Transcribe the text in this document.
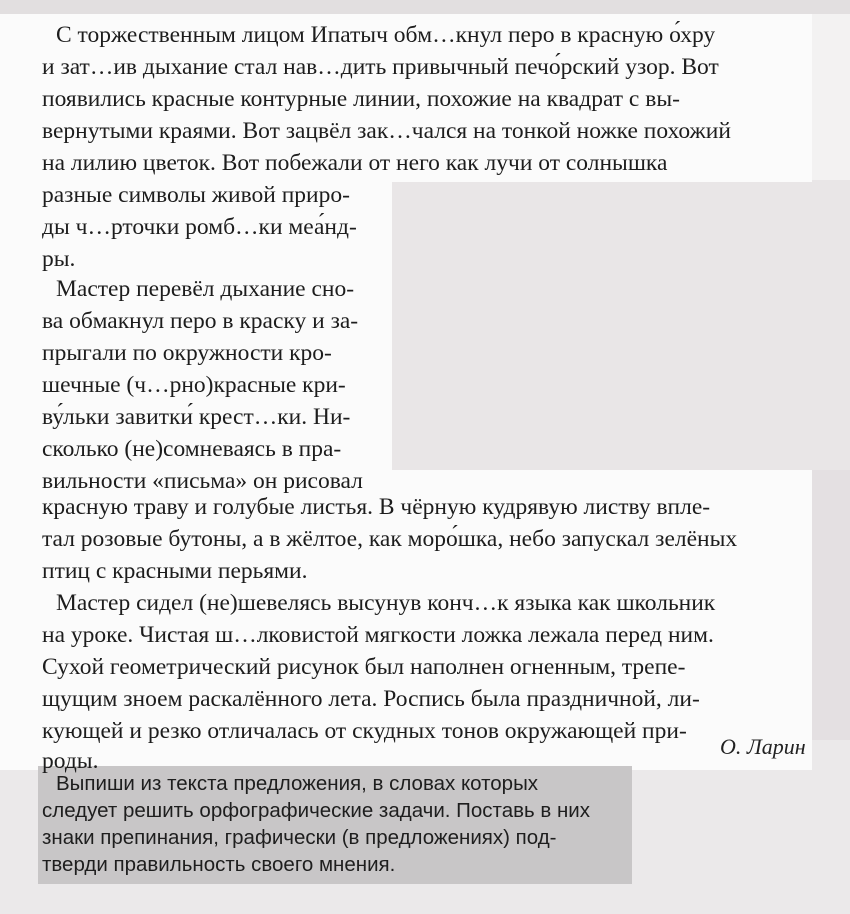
С торжественным лицом Ипатыч обм…кнул перо в красную о́хру
и зат…ив дыхание стал нав…дить привычный печо́рский узор. Вот
появились красные контурные линии, похожие на квадрат с вы-
вернутыми краями. Вот зацвёл зак…чался на тонкой ножке похожий
на лилию цветок. Вот побежали от него как лучи от солнышка
разные символы живой приро-
ды ч…рточки ромб…ки меа́нд-
ры.
Мастер перевёл дыхание сно-
ва обмакнул перо в краску и за-
прыгали по окружности кро-
шечные (ч…рно)красные кри-
ву́льки завитки́ крест…ки. Ни-
сколько (не)сомневаясь в пра-
вильности «письма» он рисовал
красную траву и голубые листья. В чёрную кудрявую листву впле-
тал розовые бутоны, а в жёлтое, как моро́шка, небо запускал зелёных
птиц с красными перьями.
Мастер сидел (не)шевелясь высунув конч…к языка как школьник
на уроке. Чистая ш…лковистой мягкости ложка лежала перед ним.
Сухой геометрический рисунок был наполнен огненным, трепе-
щущим зноем раскалённого лета. Роспись была праздничной, ли-
кующей и резко отличалась от скудных тонов окружающей при-
О. Ларин
Выпиши из текста предложения, в словах которых
следует решить орфографические задачи. Поставь в них
знаки препинания, графически (в предложениях) под-
тверди правильность своего мнения.
роды.
